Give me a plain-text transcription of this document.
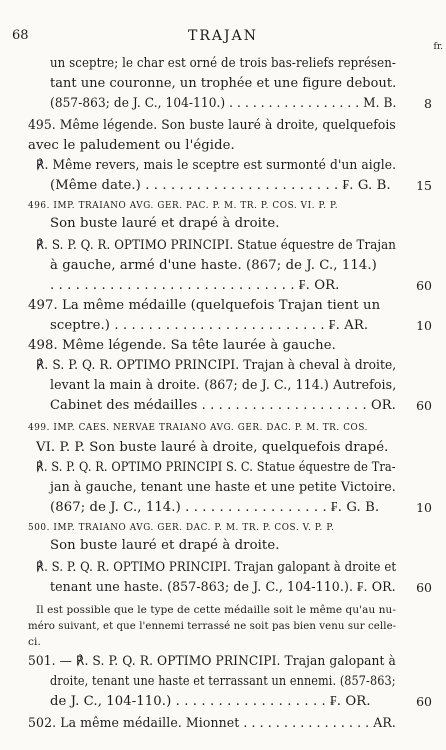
68	TRAJAN
fr.
un sceptre; le char est orné de trois bas-reliefs représen-
tant une couronne, un trophée et une figure debout.
(857-863; de J. C., 104-110.) . . . . . . . . . . . . . . . . . M. B.	8
495. Même légende. Son buste lauré à droite, quelquefois
avec le paludement ou l'égide.
℟. Même revers, mais le sceptre est surmonté d'un aigle.
(Même date.) . . . . . . . . . . . . . . . . . . . . . . . ₣. G. B.	15
496. IMP. TRAIANO AVG. GER. PAC. P. M. TR. P. COS. VI. P. P.
Son buste lauré et drapé à droite.
℟. S. P. Q. R. OPTIMO PRINCIPI. Statue équestre de Trajan
à gauche, armé d'une haste. (867; de J. C., 114.)
. . . . . . . . . . . . . . . . . . . . . . . . . . . . . ₣. OR.	60
497. La même médaille (quelquefois Trajan tient un
sceptre.) . . . . . . . . . . . . . . . . . . . . . . . . . ₣. AR.	10
498. Même légende. Sa tête laurée à gauche.
℟. S. P. Q. R. OPTIMO PRINCIPI. Trajan à cheval à droite,
levant la main à droite. (867; de J. C., 114.) Autrefois,
Cabinet des médailles . . . . . . . . . . . . . . . . . . . . OR.	60
499. IMP. CAES. NERVAE TRAIANO AVG. GER. DAC. P. M. TR. COS.
VI. P. P. Son buste lauré à droite, quelquefois drapé.
℟. S. P. Q. R. OPTIMO PRINCIPI S. C. Statue équestre de Tra-
jan à gauche, tenant une haste et une petite Victoire.
(867; de J. C., 114.) . . . . . . . . . . . . . . . . . ₣. G. B.	10
500. IMP. TRAIANO AVG. GER. DAC. P. M. TR. P. COS. V. P. P.
Son buste lauré et drapé à droite.
℟. S. P. Q. R. OPTIMO PRINCIPI. Trajan galopant à droite et
tenant une haste. (857-863; de J. C., 104-110.). ₣. OR.	60
Il est possible que le type de cette médaille soit le même qu'au nu-
méro suivant, et que l'ennemi terrassé ne soit pas bien venu sur celle-
ci.
501. — ℟. S. P. Q. R. OPTIMO PRINCIPI. Trajan galopant à
droite, tenant une haste et terrassant un ennemi. (857-863;
de J. C., 104-110.) . . . . . . . . . . . . . . . . . . ₣. OR.	60
502. La même médaille. Mionnet . . . . . . . . . . . . . . . . AR.
